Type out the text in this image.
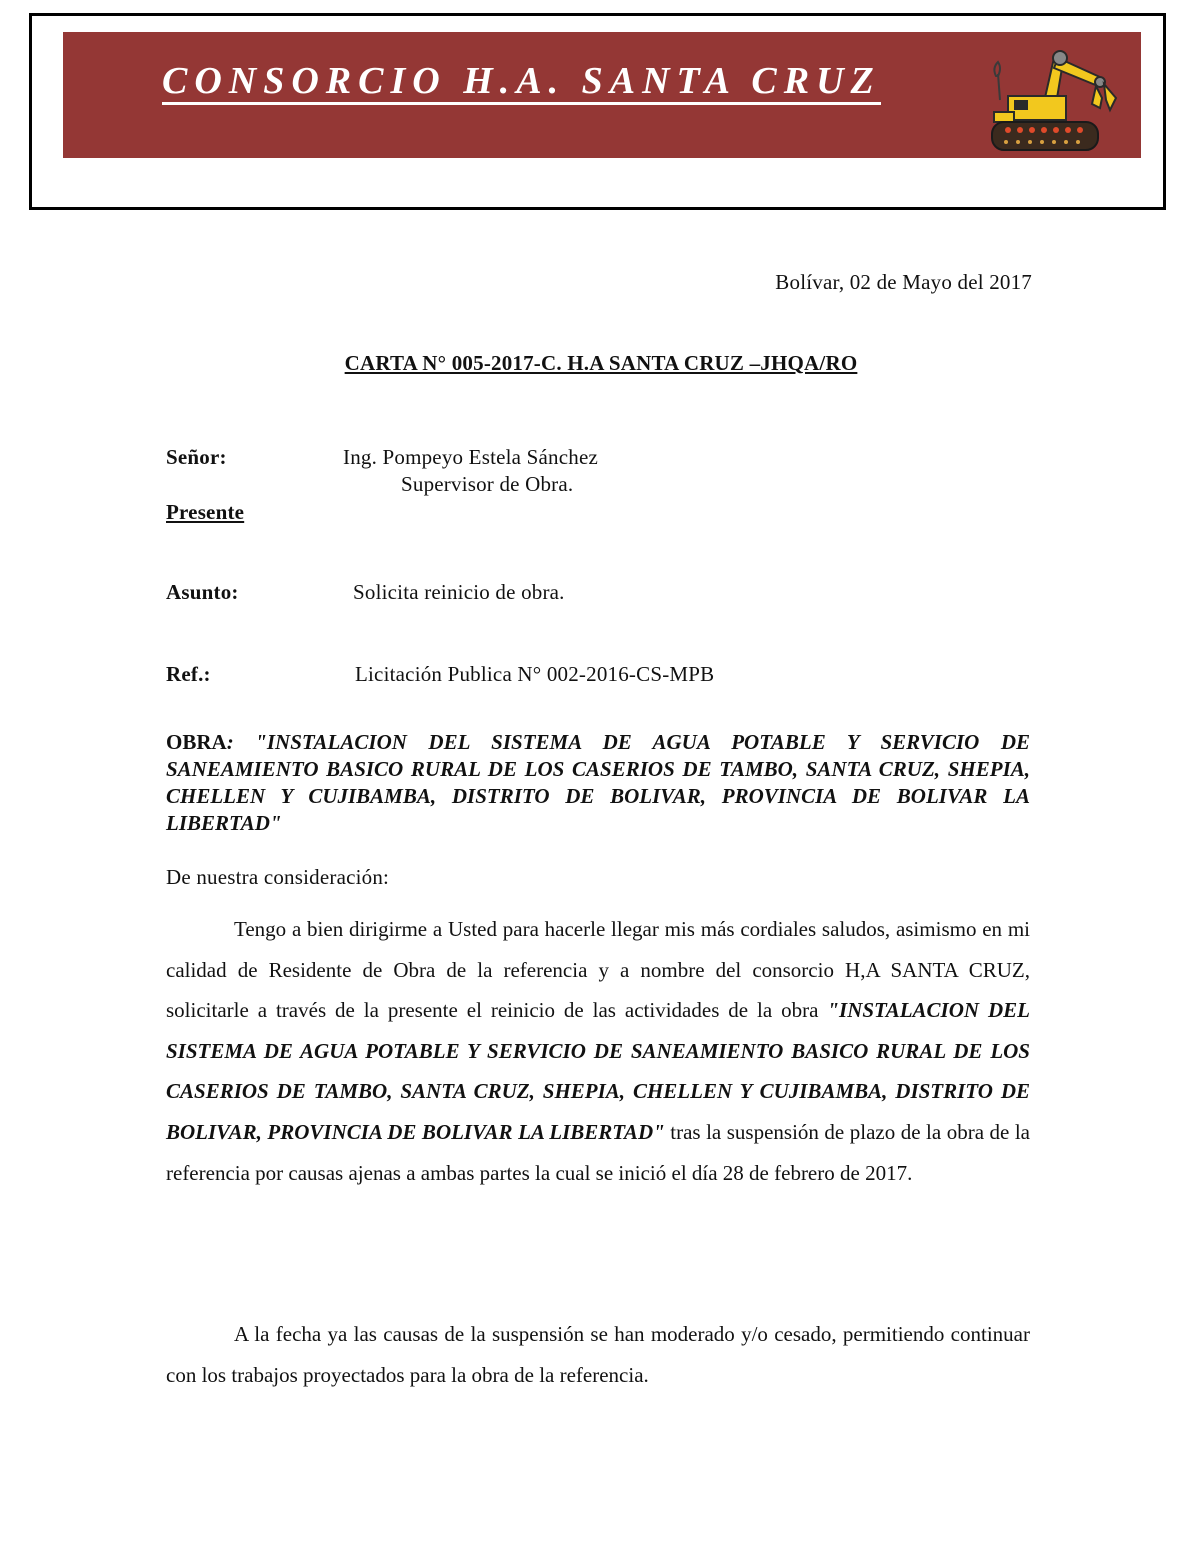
CONSORCIO H.A. SANTA CRUZ
Bolívar, 02 de Mayo del 2017
CARTA N° 005-2017-C. H.A SANTA CRUZ –JHQA/RO
Señor:	Ing. Pompeyo Estela Sánchez
Supervisor de Obra.
Presente
Asunto:	Solicita reinicio de obra.
Ref.:	Licitación Publica N° 002-2016-CS-MPB
OBRA: "INSTALACION DEL SISTEMA DE AGUA POTABLE Y SERVICIO DE SANEAMIENTO BASICO RURAL DE LOS CASERIOS DE TAMBO, SANTA CRUZ, SHEPIA, CHELLEN Y CUJIBAMBA, DISTRITO DE BOLIVAR, PROVINCIA DE BOLIVAR LA LIBERTAD"
De nuestra consideración:
Tengo a bien dirigirme a Usted para hacerle llegar mis más cordiales saludos, asimismo en mi calidad de Residente de Obra de la referencia y a nombre del consorcio H,A SANTA CRUZ, solicitarle a través de la presente el reinicio de las actividades de la obra "INSTALACION DEL SISTEMA DE AGUA POTABLE Y SERVICIO DE SANEAMIENTO BASICO RURAL DE LOS CASERIOS DE TAMBO, SANTA CRUZ, SHEPIA, CHELLEN Y CUJIBAMBA, DISTRITO DE BOLIVAR, PROVINCIA DE BOLIVAR LA LIBERTAD" tras la suspensión de plazo de la obra de la referencia por causas ajenas a ambas partes la cual se inició el día 28 de febrero de 2017.
A la fecha ya las causas de la suspensión se han moderado y/o cesado, permitiendo continuar con los trabajos proyectados para la obra de la referencia.
